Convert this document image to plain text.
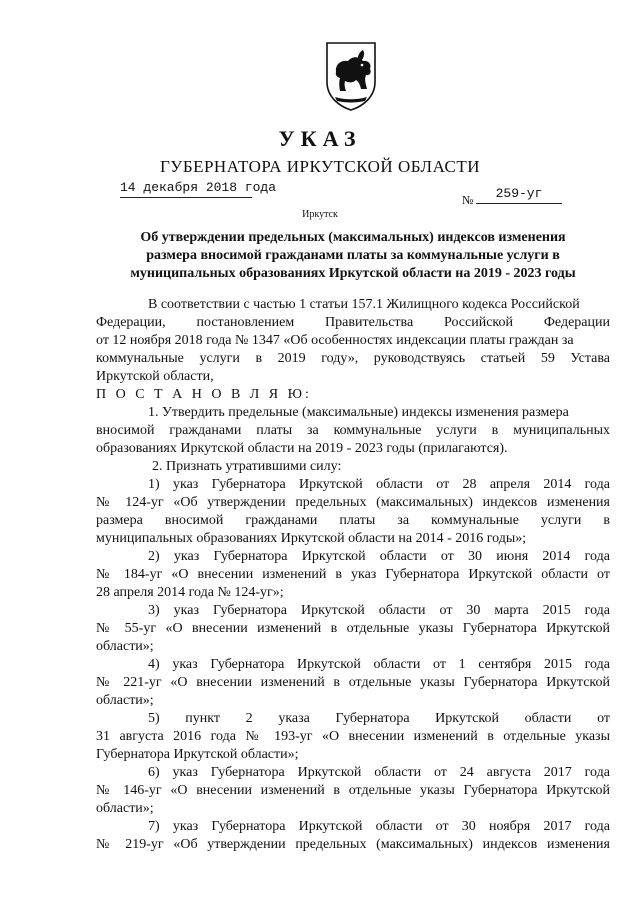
УКАЗ
ГУБЕРНАТОРА ИРКУТСКОЙ ОБЛАСТИ
14 декабря 2018 года
№	259-уг
Иркутск
Об утверждении предельных (максимальных) индексов изменения
размера вносимой гражданами платы за коммунальные услуги в
муниципальных образованиях Иркутской области на 2019 - 2023 годы
В соответствии с частью 1 статьи 157.1 Жилищного кодекса Российской
Федерации, постановлением Правительства Российской Федерации
от 12 ноября 2018 года № 1347 «Об особенностях индексации платы граждан за
коммунальные услуги в 2019 году», руководствуясь статьей 59 Устава
Иркутской области,
П О С Т А Н О В Л Я Ю:
1. Утвердить предельные (максимальные) индексы изменения размера
вносимой гражданами платы за коммунальные услуги в муниципальных
образованиях Иркутской области на 2019 - 2023 годы (прилагаются).
2. Признать утратившими силу:
1) указ Губернатора Иркутской области от 28 апреля 2014 года
№ 124-уг «Об утверждении предельных (максимальных) индексов изменения
размера вносимой гражданами платы за коммунальные услуги в
муниципальных образованиях Иркутской области на 2014 - 2016 годы»;
2) указ Губернатора Иркутской области от 30 июня 2014 года
№ 184-уг «О внесении изменений в указ Губернатора Иркутской области от
28 апреля 2014 года № 124-уг»;
3) указ Губернатора Иркутской области от 30 марта 2015 года
№ 55-уг «О внесении изменений в отдельные указы Губернатора Иркутской
области»;
4) указ Губернатора Иркутской области от 1 сентября 2015 года
№ 221-уг «О внесении изменений в отдельные указы Губернатора Иркутской
области»;
5) пункт 2 указа Губернатора Иркутской области от
31 августа 2016 года № 193-уг «О внесении изменений в отдельные указы
Губернатора Иркутской области»;
6) указ Губернатора Иркутской области от 24 августа 2017 года
№ 146-уг «О внесении изменений в отдельные указы Губернатора Иркутской
области»;
7) указ Губернатора Иркутской области от 30 ноября 2017 года
№ 219-уг «Об утверждении предельных (максимальных) индексов изменения
